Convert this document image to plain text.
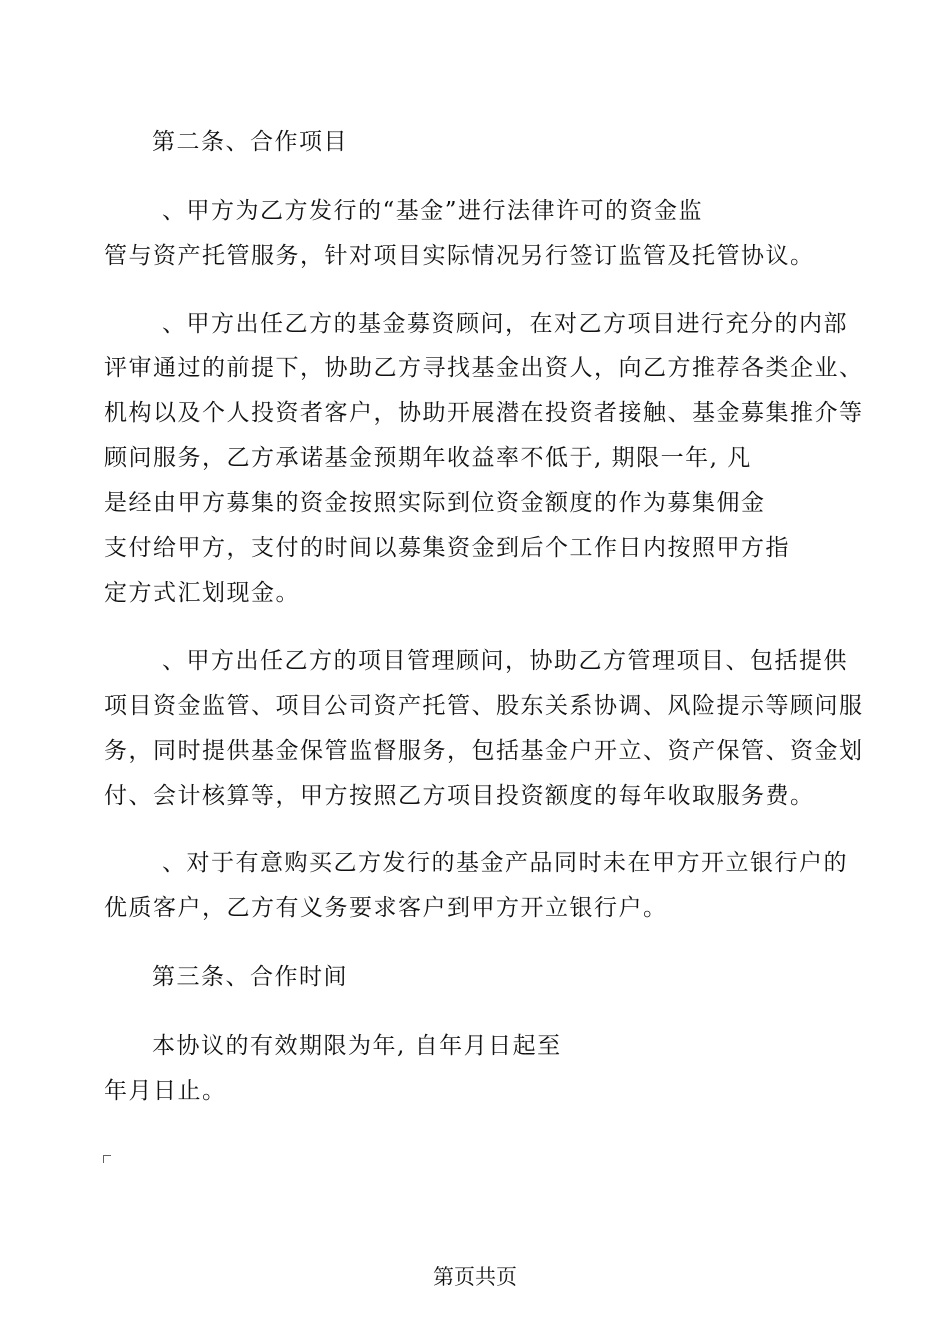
第二条、合作项目
、甲方为乙方发行的“基金”进行法律许可的资金监
管与资产托管服务，针对项目实际情况另行签订监管及托管协议。
、甲方出任乙方的基金募资顾问，在对乙方项目进行充分的内部
评审通过的前提下，协助乙方寻找基金出资人，向乙方推荐各类企业、
机构以及个人投资者客户，协助开展潜在投资者接触、基金募集推介等
顾问服务，乙方承诺基金预期年收益率不低于, 期限一年, 凡
是经由甲方募集的资金按照实际到位资金额度的作为募集佣金
支付给甲方，支付的时间以募集资金到后个工作日内按照甲方指
定方式汇划现金。
、甲方出任乙方的项目管理顾问，协助乙方管理项目、包括提供
项目资金监管、项目公司资产托管、股东关系协调、风险提示等顾问服
务，同时提供基金保管监督服务，包括基金户开立、资产保管、资金划
付、会计核算等，甲方按照乙方项目投资额度的每年收取服务费。
、对于有意购买乙方发行的基金产品同时未在甲方开立银行户的
优质客户，乙方有义务要求客户到甲方开立银行户。
第三条、合作时间
本协议的有效期限为年, 自年月日起至
年月日止。
第页共页
